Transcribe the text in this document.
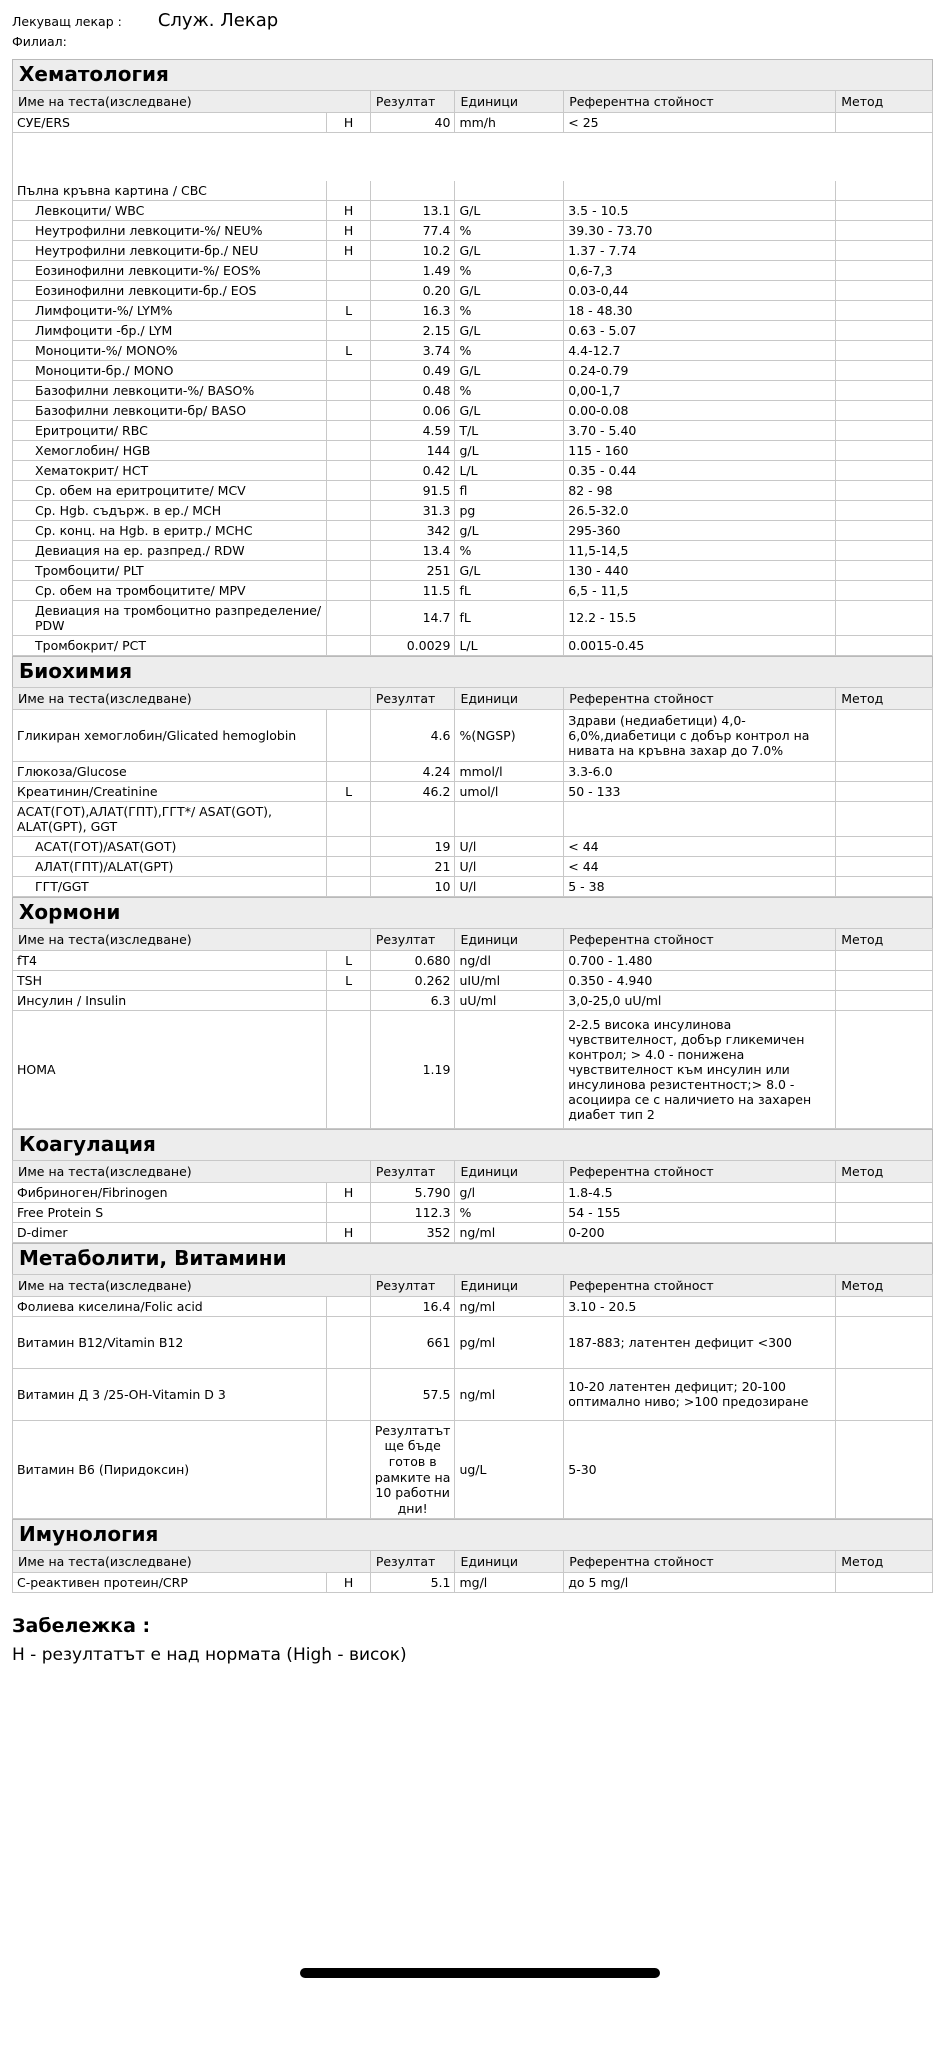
Лекуващ лекар : Служ. Лекар
Филиал:
Хематология
Име на теста(изследване)		Резултат	Единици	Референтна стойност	Метод
СУЕ/ERS	H	40	mm/h	< 25	

Пълна кръвна картина / CBC					
Левкоцити/ WBC	H	13.1	G/L	3.5 - 10.5	
Неутрофилни левкоцити-%/ NEU%	H	77.4	%	39.30 - 73.70	
Неутрофилни левкоцити-бр./ NEU	H	10.2	G/L	1.37 - 7.74	
Еозинофилни левкоцити-%/ EOS%		1.49	%	0,6-7,3	
Еозинофилни левкоцити-бр./ EOS		0.20	G/L	0.03-0,44	
Лимфоцити-%/ LYM%	L	16.3	%	18 - 48.30	
Лимфоцити -бр./ LYM		2.15	G/L	0.63 - 5.07	
Моноцити-%/ MONO%	L	3.74	%	4.4-12.7	
Моноцити-бр./ MONO		0.49	G/L	0.24-0.79	
Базофилни левкоцити-%/ BASO%		0.48	%	0,00-1,7	
Базофилни левкоцити-бр/ BASO		0.06	G/L	0.00-0.08	
Еритроцити/ RBC		4.59	T/L	3.70 - 5.40	
Хемоглобин/ HGB		144	g/L	115 - 160	
Хематокрит/ HCT		0.42	L/L	0.35 - 0.44	
Ср. обем на еритроцитите/ MCV		91.5	fl	82 - 98	
Ср. Hgb. съдърж. в ер./ MCH		31.3	pg	26.5-32.0	
Ср. конц. на Hgb. в еритр./ MCHC		342	g/L	295-360	
Девиация на ер. разпред./ RDW		13.4	%	11,5-14,5	
Тромбоцити/ PLT		251	G/L	130 - 440	
Ср. обем на тромбоцитите/ MPV		11.5	fL	6,5 - 11,5	
Девиация на тромбоцитно разпределение/ PDW		14.7	fL	12.2 - 15.5	
Тромбокрит/ PCT		0.0029	L/L	0.0015-0.45	
Биохимия
Име на теста(изследване)		Резултат	Единици	Референтна стойност	Метод
Гликиран хемоглобин/Glicated hemoglobin		4.6	%(NGSP)	Здрави (недиабетици) 4,0-6,0%,диабетици с добър контрол на нивата на кръвна захар до 7.0%	
Глюкоза/Glucose		4.24	mmol/l	3.3-6.0	
Креатинин/Creatinine	L	46.2	umol/l	50 - 133	
АСАТ(ГОТ),АЛАТ(ГПТ),ГГТ*/ ASAT(GOT), ALAT(GPT), GGT					
АСАТ(ГОТ)/ASAT(GOT)		19	U/l	< 44	
АЛАТ(ГПТ)/ALAT(GPT)		21	U/l	< 44	
ГГТ/GGT		10	U/l	5 - 38	
Хормони
Име на теста(изследване)		Резултат	Единици	Референтна стойност	Метод
fT4	L	0.680	ng/dl	0.700 - 1.480	
TSH	L	0.262	uIU/ml	0.350 - 4.940	
Инсулин / Insulin		6.3	uU/ml	3,0-25,0 uU/ml	
HOMA		1.19		2-2.5 висока инсулинова чувствителност, добър гликемичен контрол; > 4.0 - понижена чувствителност към инсулин или инсулинова резистентност;> 8.0 - асоциира се с наличието на захарен диабет тип 2	
Коагулация
Име на теста(изследване)		Резултат	Единици	Референтна стойност	Метод
Фибриноген/Fibrinogen	H	5.790	g/l	1.8-4.5	
Free Protein S		112.3	%	54 - 155	
D-dimer	H	352	ng/ml	0-200	
Метаболити, Витамини
Име на теста(изследване)		Резултат	Единици	Референтна стойност	Метод
Фолиева киселина/Folic acid		16.4	ng/ml	3.10 - 20.5	
Витамин B12/Vitamin B12		661	pg/ml	187-883; латентен дефицит <300	
Витамин Д 3 /25-ОН-Vitamin D 3		57.5	ng/ml	10-20 латентен дефицит; 20-100 оптимално ниво; >100 предозиране	
Витамин B6 (Пиридоксин)		Резултатът ще бъде готов в рамките на 10 работни дни!	ug/L	5-30	
Имунология
Име на теста(изследване)		Резултат	Единици	Референтна стойност	Метод
С-реактивен протеин/CRP	H	5.1	mg/l	до 5 mg/l	
Забележка :
H - резултатът е над нормата (High - висок)
